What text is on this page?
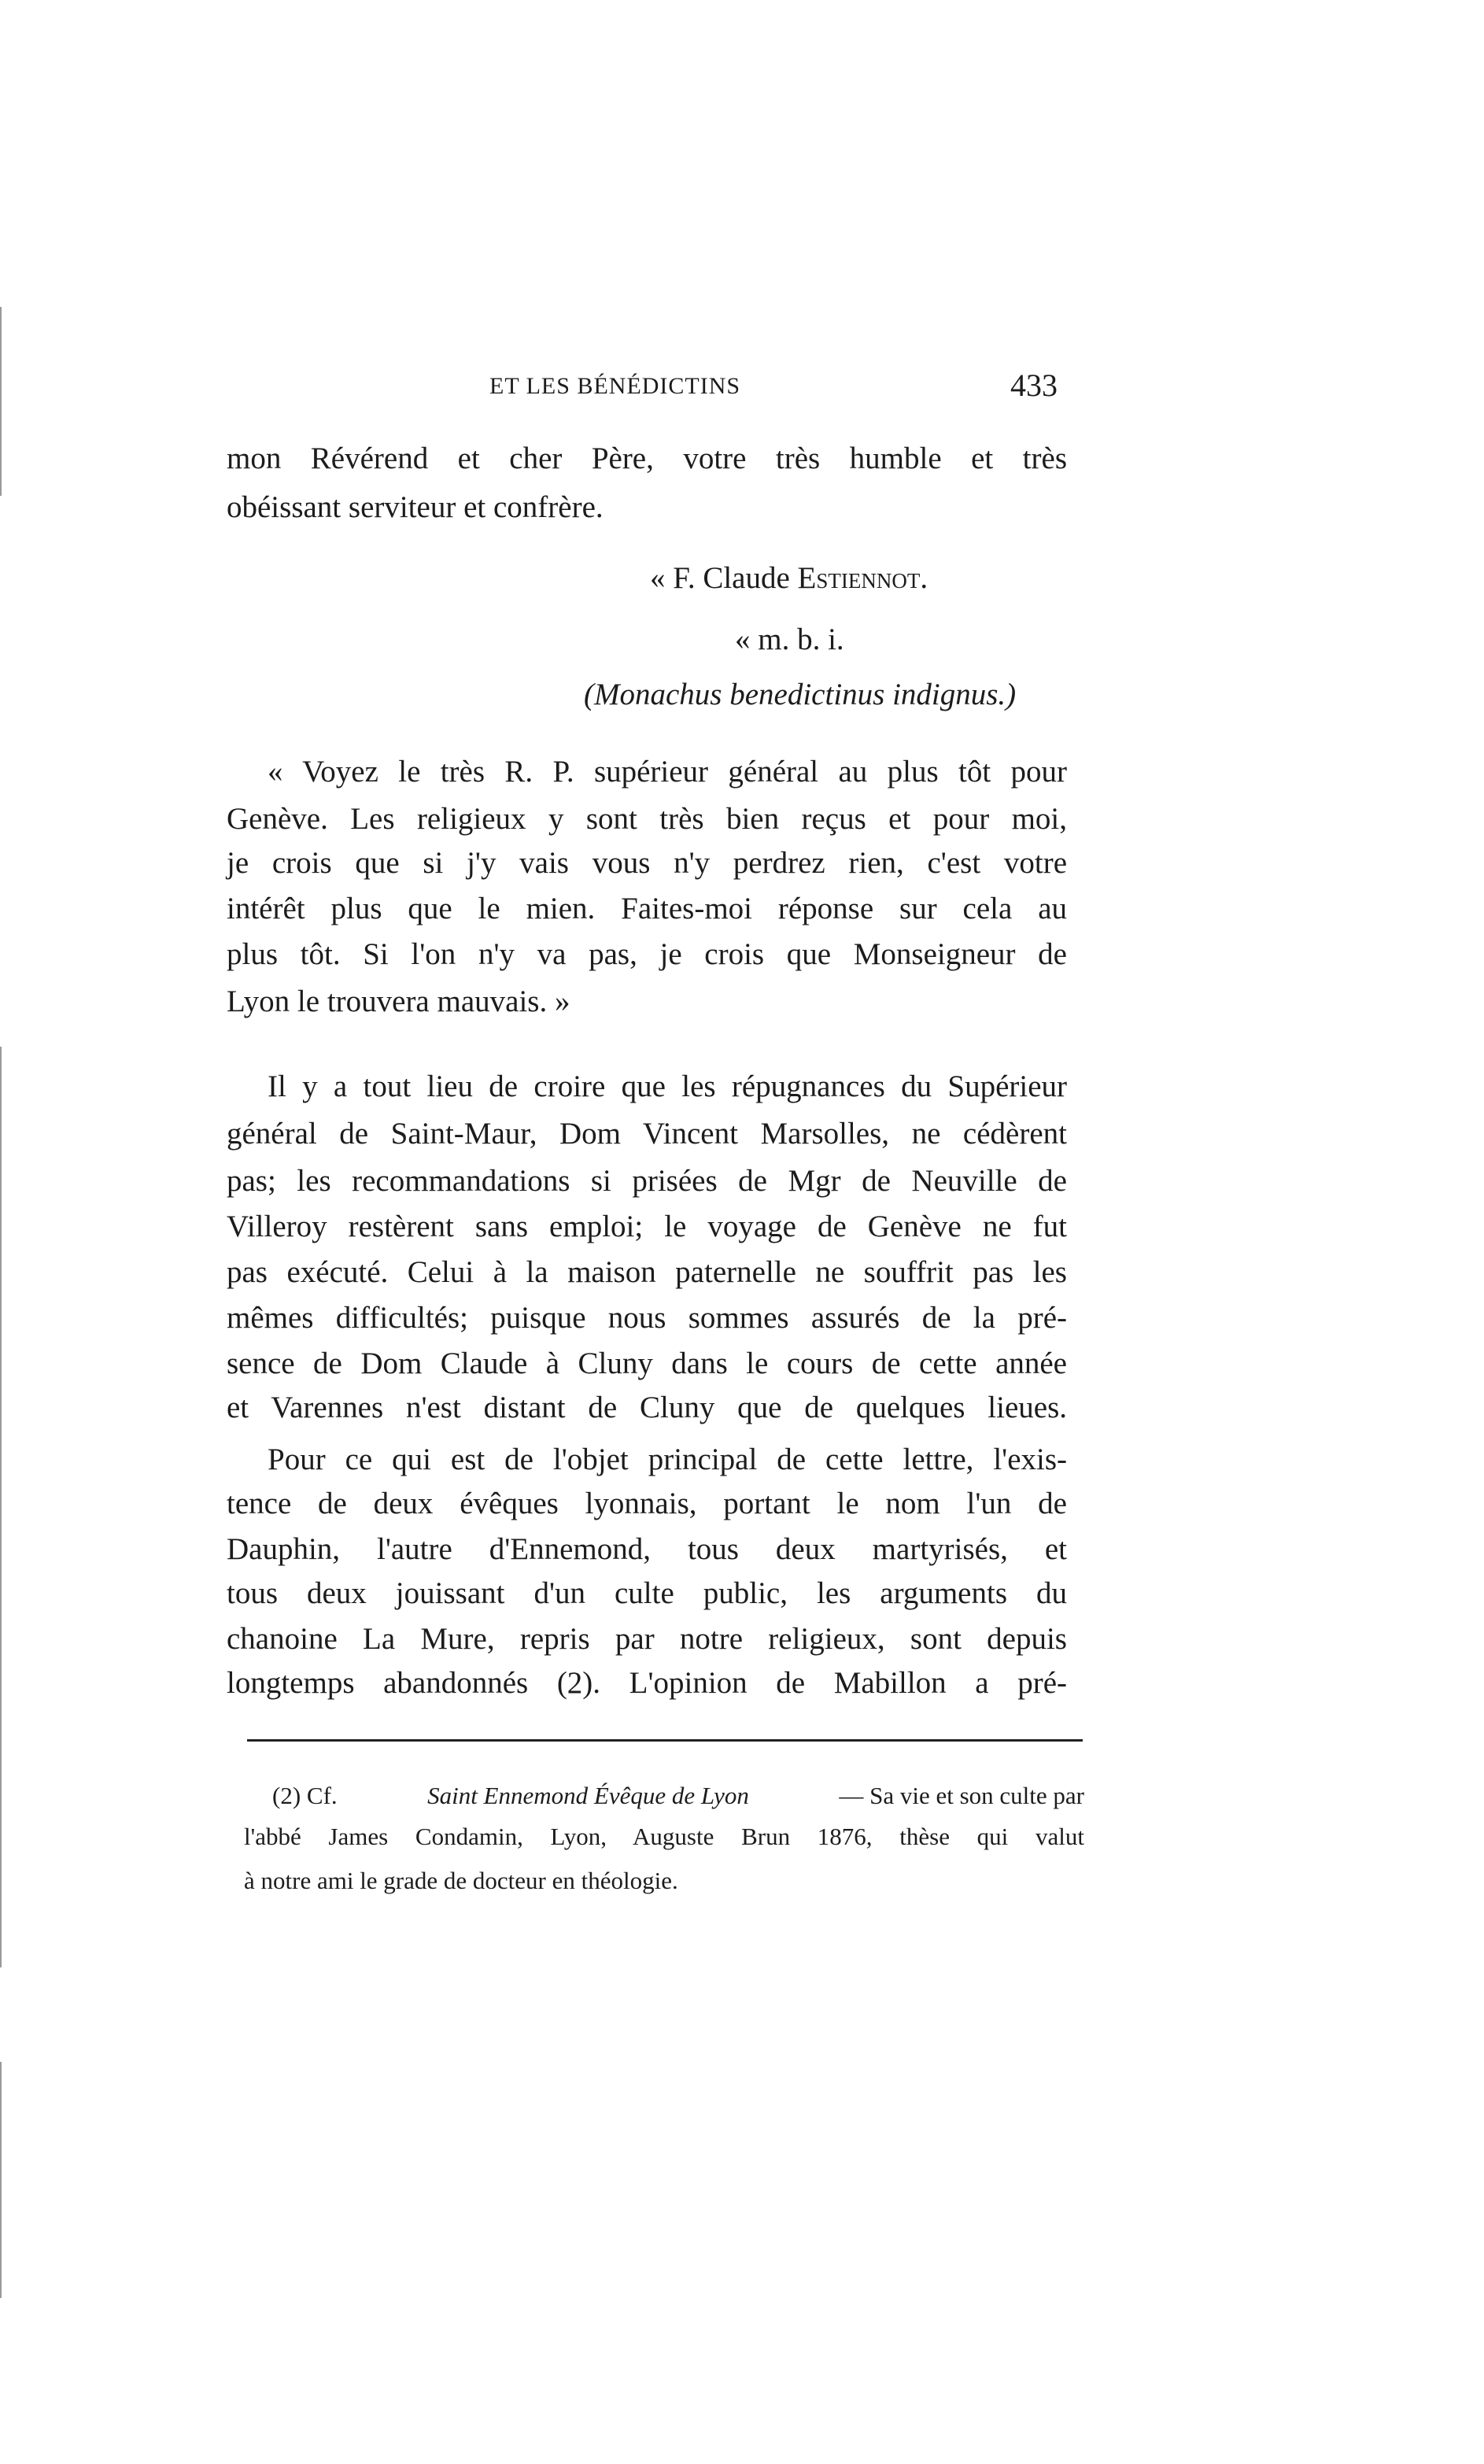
ET LES BÉNÉDICTINS	433
mon Révérend et cher Père, votre très humble et très
obéissant serviteur et confrère.
« F. Claude Estiennot.
« m. b. i.
(Monachus benedictinus indignus.)
« Voyez le très R. P. supérieur général au plus tôt pour
Genève. Les religieux y sont très bien reçus et pour moi,
je crois que si j'y vais vous n'y perdrez rien, c'est votre
intérêt plus que le mien. Faites-moi réponse sur cela au
plus tôt. Si l'on n'y va pas, je crois que Monseigneur de
Lyon le trouvera mauvais. »
Il y a tout lieu de croire que les répugnances du Supérieur
général de Saint-Maur, Dom Vincent Marsolles, ne cédèrent
pas; les recommandations si prisées de Mgr de Neuville de
Villeroy restèrent sans emploi; le voyage de Genève ne fut
pas exécuté. Celui à la maison paternelle ne souffrit pas les
mêmes difficultés; puisque nous sommes assurés de la pré-
sence de Dom Claude à Cluny dans le cours de cette année
et Varennes n'est distant de Cluny que de quelques lieues.
Pour ce qui est de l'objet principal de cette lettre, l'exis-
tence de deux évêques lyonnais, portant le nom l'un de
Dauphin, l'autre d'Ennemond, tous deux martyrisés, et
tous deux jouissant d'un culte public, les arguments du
chanoine La Mure, repris par notre religieux, sont depuis
longtemps abandonnés (2). L'opinion de Mabillon a pré-
(2) Cf.	Saint Ennemond Évêque de Lyon	— Sa vie et son culte par
l'abbé James Condamin, Lyon, Auguste Brun 1876, thèse qui valut
à notre ami le grade de docteur en théologie.
